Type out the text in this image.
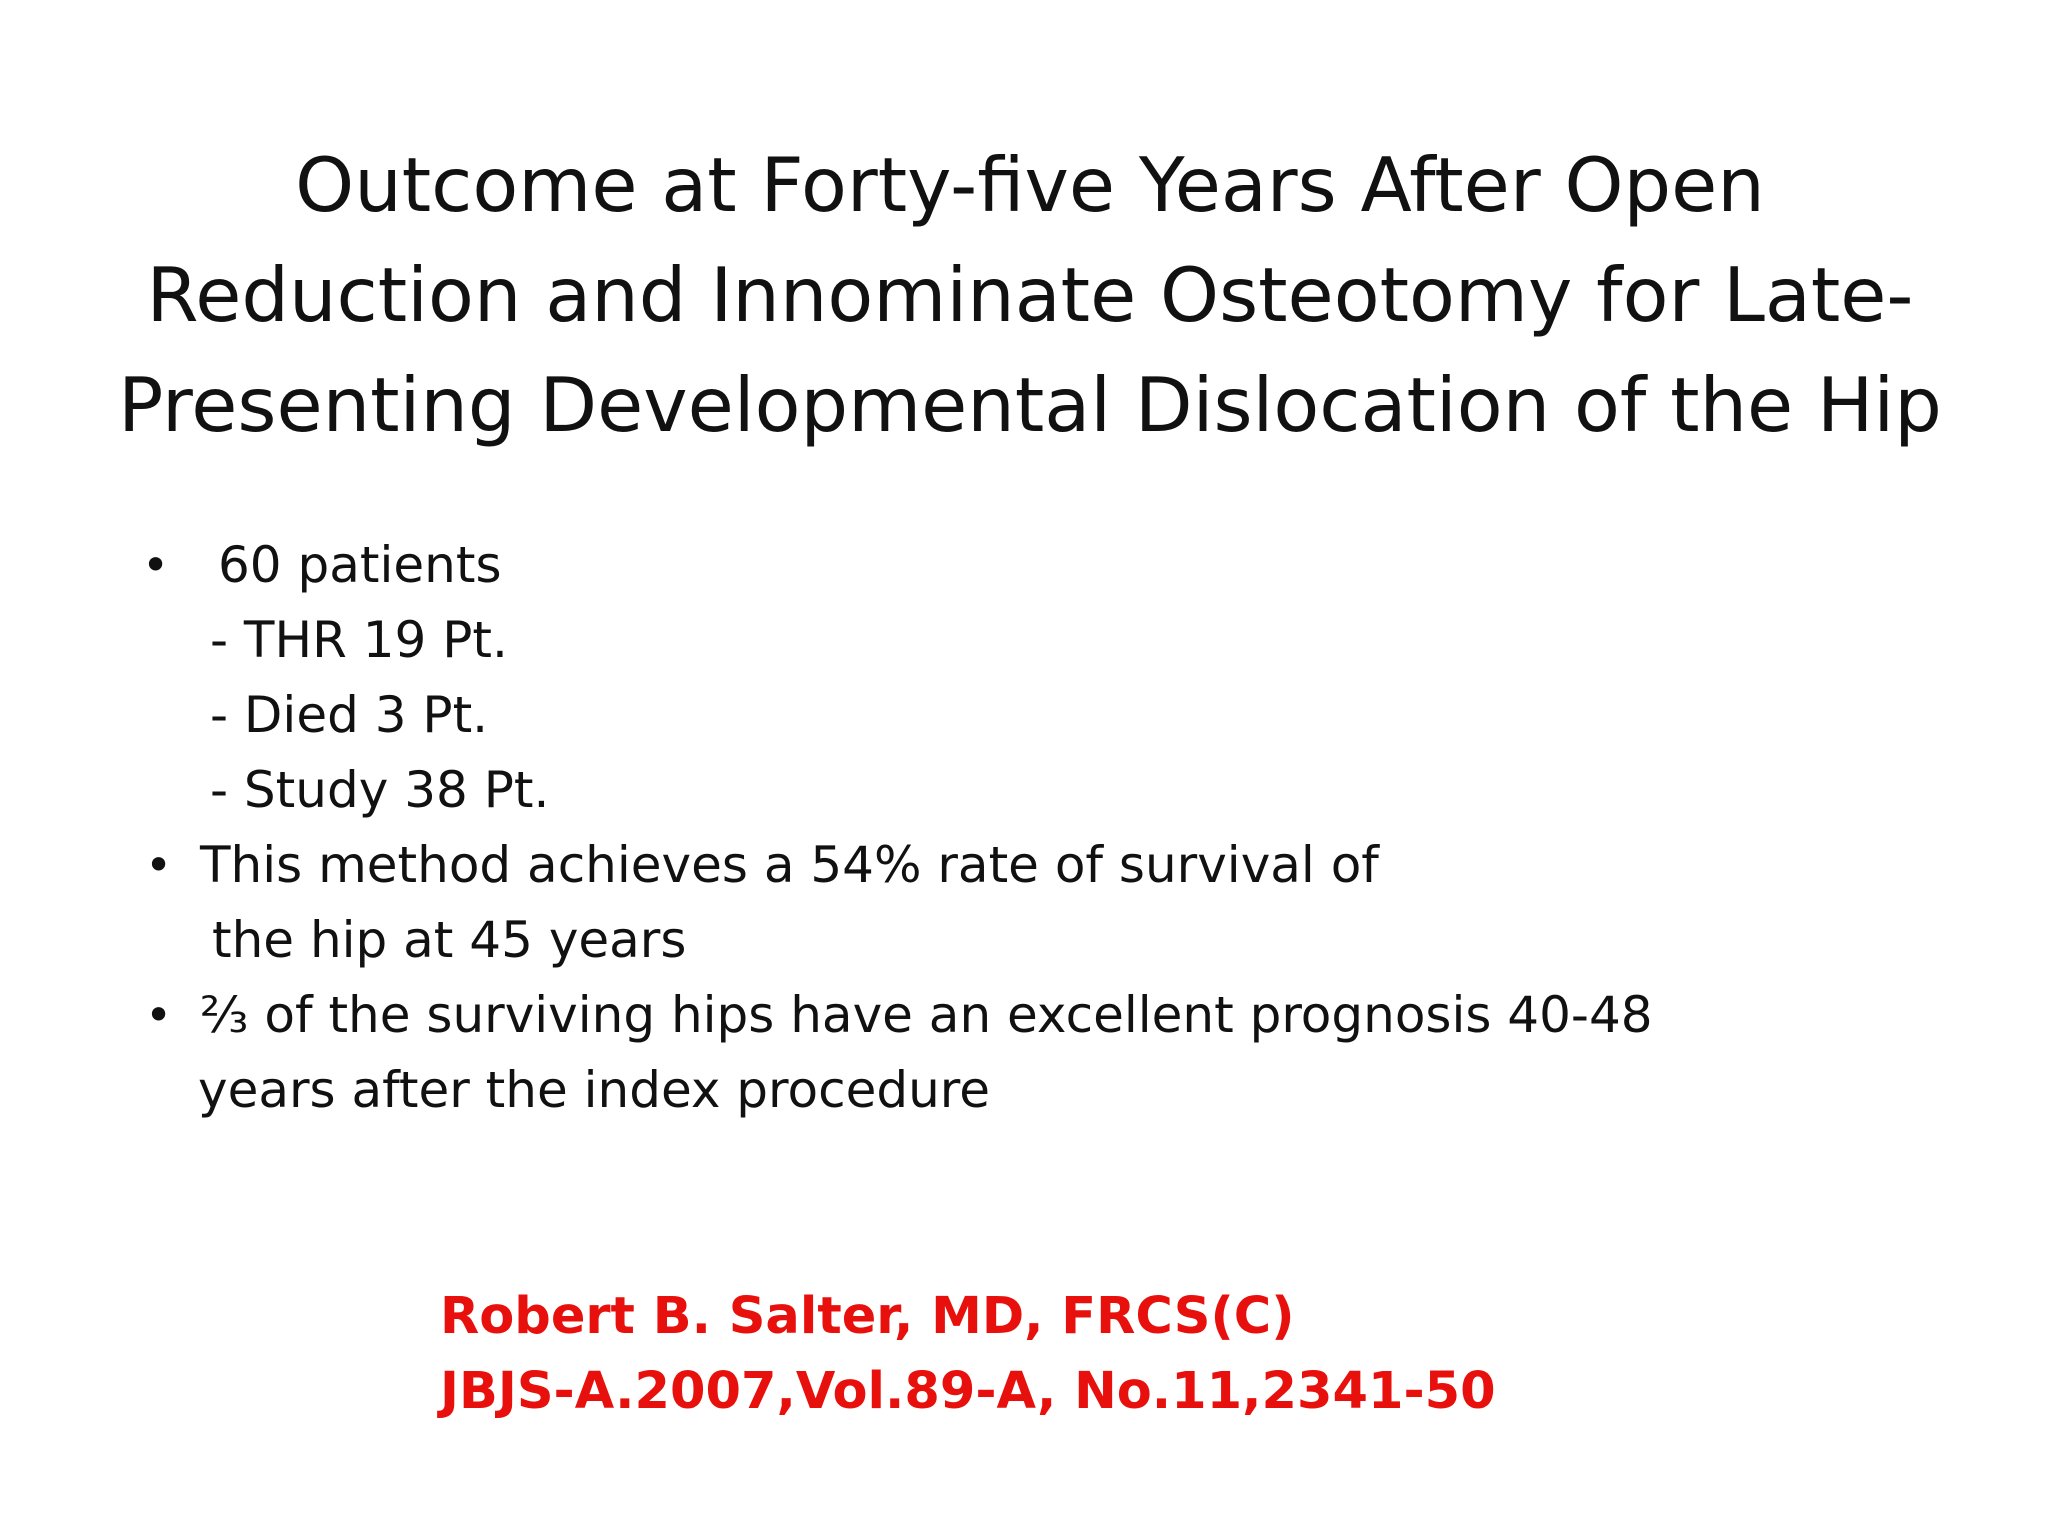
Outcome at Forty-five Years After Open
Reduction and Innominate Osteotomy for Late-
Presenting Developmental Dislocation of the Hip
• 60 patients
- THR 19 Pt.
- Died 3 Pt.
- Study 38 Pt.
• This method achieves a 54% rate of survival of
the hip at 45 years
• ⅔ of the surviving hips have an excellent prognosis 40-48
years after the index procedure
Robert B. Salter, MD, FRCS(C)
JBJS-A.2007,Vol.89-A, No.11,2341-50
